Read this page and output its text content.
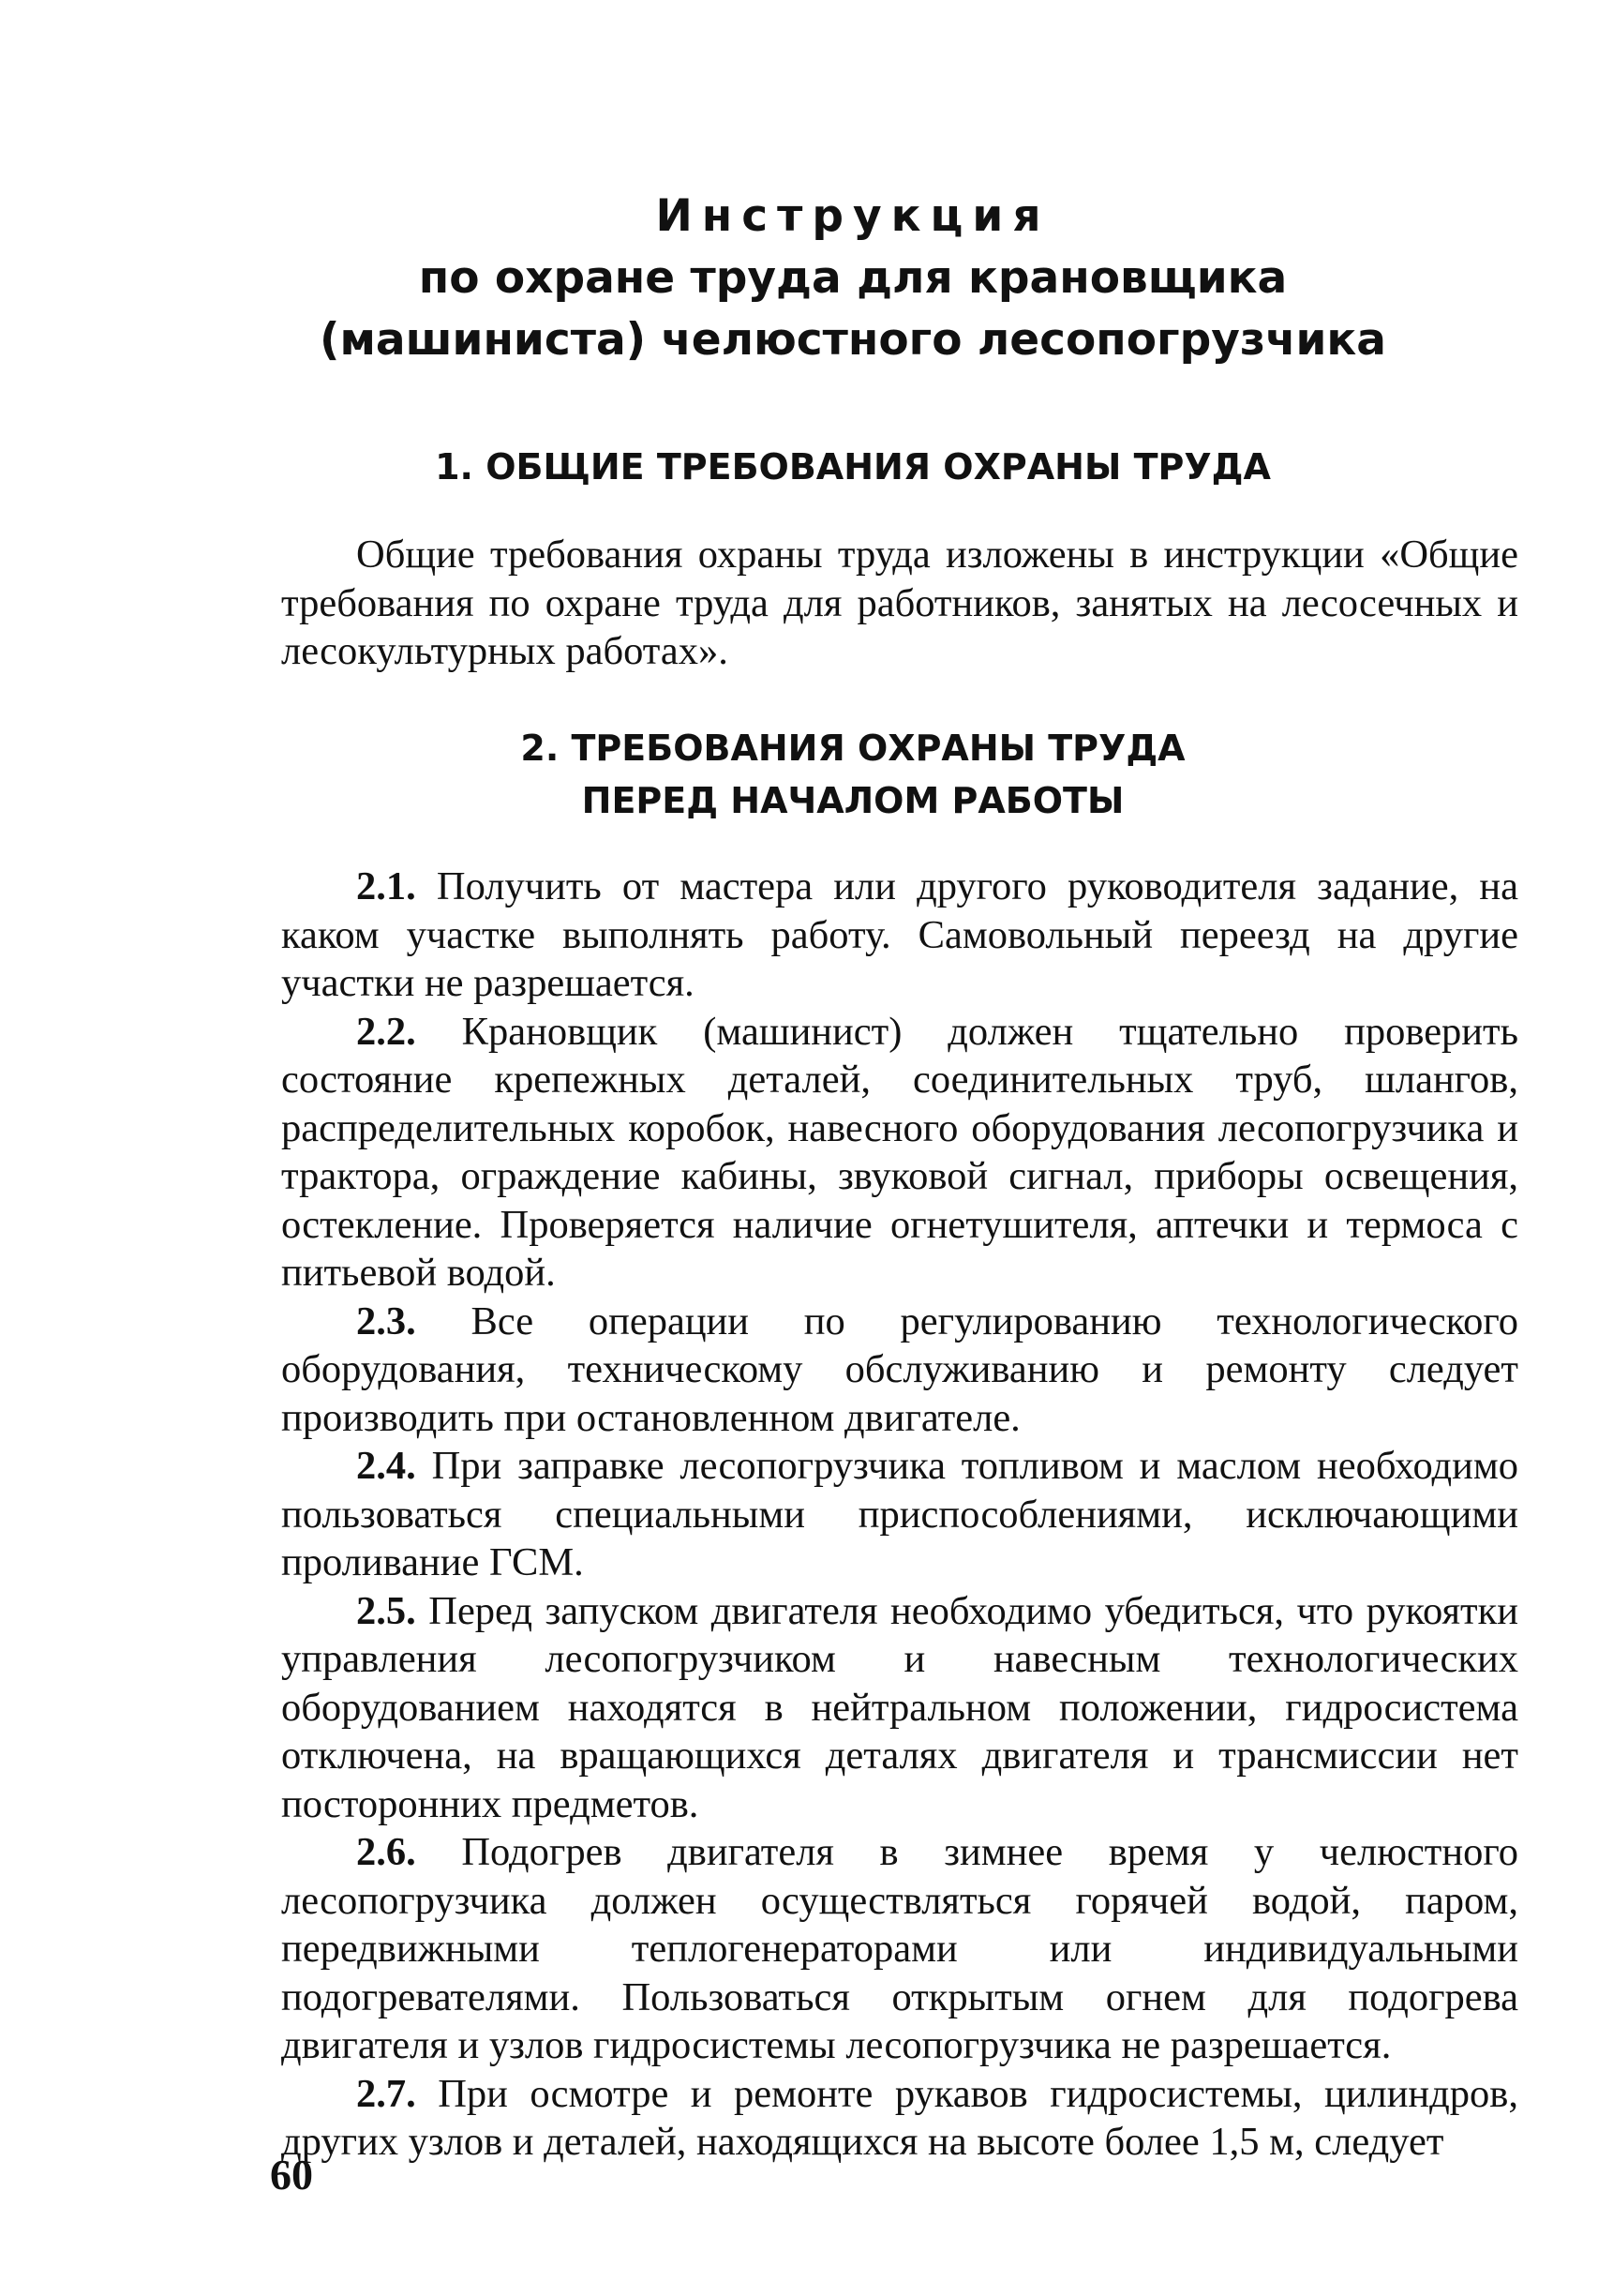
Инструкция
по охране труда для крановщика
(машиниста) челюстного лесопогрузчика
1. ОБЩИЕ ТРЕБОВАНИЯ ОХРАНЫ ТРУДА

Общие требования охраны труда изложены в инструкции «Общие требования по охране труда для работников, занятых на лесосечных и лесокультурных работах».

2. ТРЕБОВАНИЯ ОХРАНЫ ТРУДА
ПЕРЕД НАЧАЛОМ РАБОТЫ

2.1. Получить от мастера или другого руководителя задание, на каком участке выполнять работу. Самовольный переезд на другие участки не разрешается.

2.2. Крановщик (машинист) должен тщательно проверить состояние крепежных деталей, соединительных труб, шлангов, распределительных коробок, навесного оборудования лесопогрузчика и трактора, ограждение кабины, звуковой сигнал, приборы освещения, остекление. Проверяется наличие огнетушителя, аптечки и термоса с питьевой водой.

2.3. Все операции по регулированию технологического оборудования, техническому обслуживанию и ремонту следует производить при остановленном двигателе.

2.4. При заправке лесопогрузчика топливом и маслом необходимо пользоваться специальными приспособлениями, исключающими проливание ГСМ.

2.5. Перед запуском двигателя необходимо убедиться, что рукоятки управления лесопогрузчиком и навесным технологических оборудованием находятся в нейтральном положении, гидросистема отключена, на вращающихся деталях двигателя и трансмиссии нет посторонних предметов.

2.6. Подогрев двигателя в зимнее время у челюстного лесопогрузчика должен осуществляться горячей водой, паром, передвижными теплогенераторами или индивидуальными подогревателями. Пользоваться открытым огнем для подогрева двигателя и узлов гидросистемы лесопогрузчика не разрешается.

2.7. При осмотре и ремонте рукавов гидросистемы, цилиндров, других узлов и деталей, находящихся на высоте более 1,5 м, следует

60
